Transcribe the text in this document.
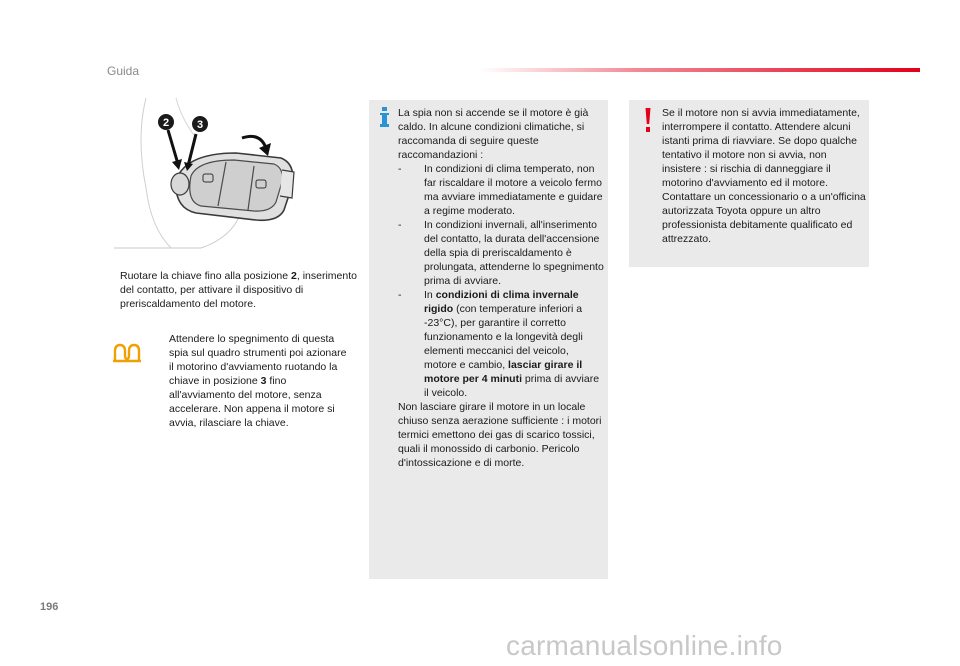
Guida
2	3

Ruotare la chiave fino alla posizione 2, inserimento del contatto, per attivare il dispositivo di preriscaldamento del motore.

Attendere lo spegnimento di questa spia sul quadro strumenti poi azionare il motorino d'avviamento ruotando la chiave in posizione 3 fino all'avviamento del motore, senza accelerare. Non appena il motore si avvia, rilasciare la chiave.

La spia non si accende se il motore è già caldo. In alcune condizioni climatiche, si raccomanda di seguire queste raccomandazioni :

-	In condizioni di clima temperato, non far riscaldare il motore a veicolo fermo ma avviare immediatamente e guidare a regime moderato.
-	In condizioni invernali, all'inserimento del contatto, la durata dell'accensione della spia di preriscaldamento è prolungata, attenderne lo spegnimento prima di avviare.
-	In condizioni di clima invernale rigido (con temperature inferiori a -23°C), per garantire il corretto funzionamento e la longevità degli elementi meccanici del veicolo, motore e cambio, lasciar girare il motore per 4 minuti prima di avviare il veicolo.

Non lasciare girare il motore in un locale chiuso senza aerazione sufficiente : i motori termici emettono dei gas di scarico tossici, quali il monossido di carbonio. Pericolo d'intossicazione e di morte.

Se il motore non si avvia immediatamente, interrompere il contatto. Attendere alcuni istanti prima di riavviare. Se dopo qualche tentativo il motore non si avvia, non insistere : si rischia di danneggiare il motorino d'avviamento ed il motore. Contattare un concessionario o a un'officina autorizzata Toyota oppure un altro professionista debitamente qualificato ed attrezzato.

196
carmanualsonline.info
